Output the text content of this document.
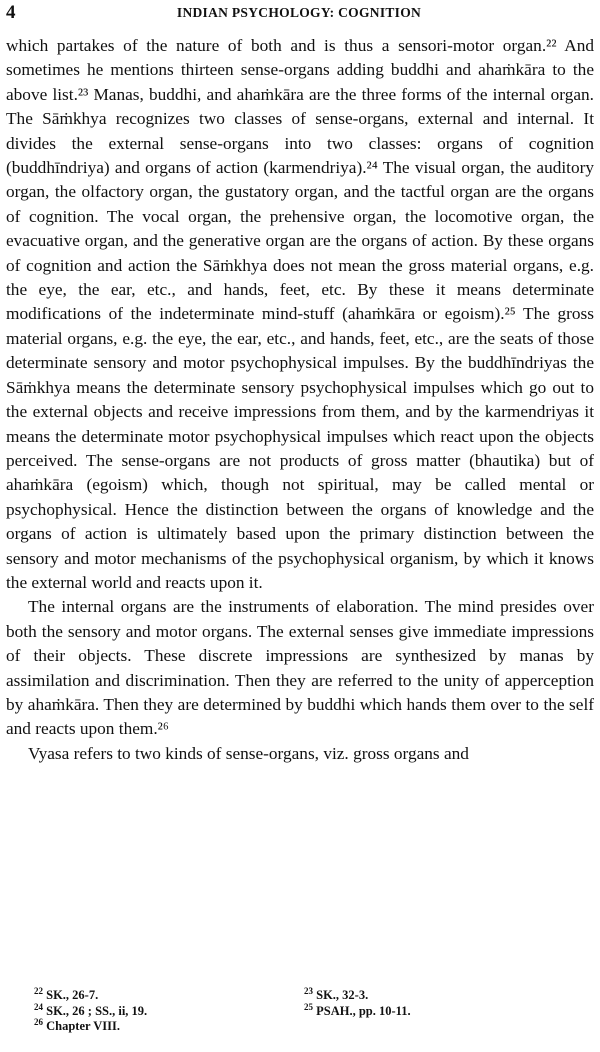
4	INDIAN PSYCHOLOGY: COGNITION

which partakes of the nature of both and is thus a sensori-motor organ.²² And sometimes he mentions thirteen sense-organs adding buddhi and ahaṁkāra to the above list.²³ Manas, buddhi, and ahaṁkāra are the three forms of the internal organ. The Sāṁkhya recognizes two classes of sense-organs, external and internal. It divides the external sense-organs into two classes: organs of cognition (buddhīndriya) and organs of action (karmendriya).²⁴ The visual organ, the auditory organ, the olfactory organ, the gustatory organ, and the tactful organ are the organs of cognition. The vocal organ, the prehensive organ, the locomotive organ, the evacuative organ, and the generative organ are the organs of action. By these organs of cognition and action the Sāṁkhya does not mean the gross material organs, e.g. the eye, the ear, etc., and hands, feet, etc. By these it means determinate modifications of the indeterminate mind-stuff (ahaṁkāra or egoism).²⁵ The gross material organs, e.g. the eye, the ear, etc., and hands, feet, etc., are the seats of those determinate sensory and motor psychophysical impulses. By the buddhīndriyas the Sāṁkhya means the determinate sensory psychophysical impulses which go out to the external objects and receive impressions from them, and by the karmendriyas it means the determinate motor psychophysical impulses which react upon the objects perceived. The sense-organs are not products of gross matter (bhautika) but of ahaṁkāra (egoism) which, though not spiritual, may be called mental or psychophysical. Hence the distinction between the organs of knowledge and the organs of action is ultimately based upon the primary distinction between the sensory and motor mechanisms of the psychophysical organism, by which it knows the external world and reacts upon it.

The internal organs are the instruments of elaboration. The mind presides over both the sensory and motor organs. The external senses give immediate impressions of their objects. These discrete impressions are synthesized by manas by assimilation and discrimination. Then they are referred to the unity of apperception by ahaṁkāra. Then they are determined by buddhi which hands them over to the self and reacts upon them.²⁶

Vyasa refers to two kinds of sense-organs, viz. gross organs and

$^{22}$ SK., 26-7.	$^{23}$ SK., 32-3.
$^{24}$ SK., 26 ; SS., ii, 19.	$^{25}$ PSAH., pp. 10-11.
$^{26}$ Chapter VIII.
